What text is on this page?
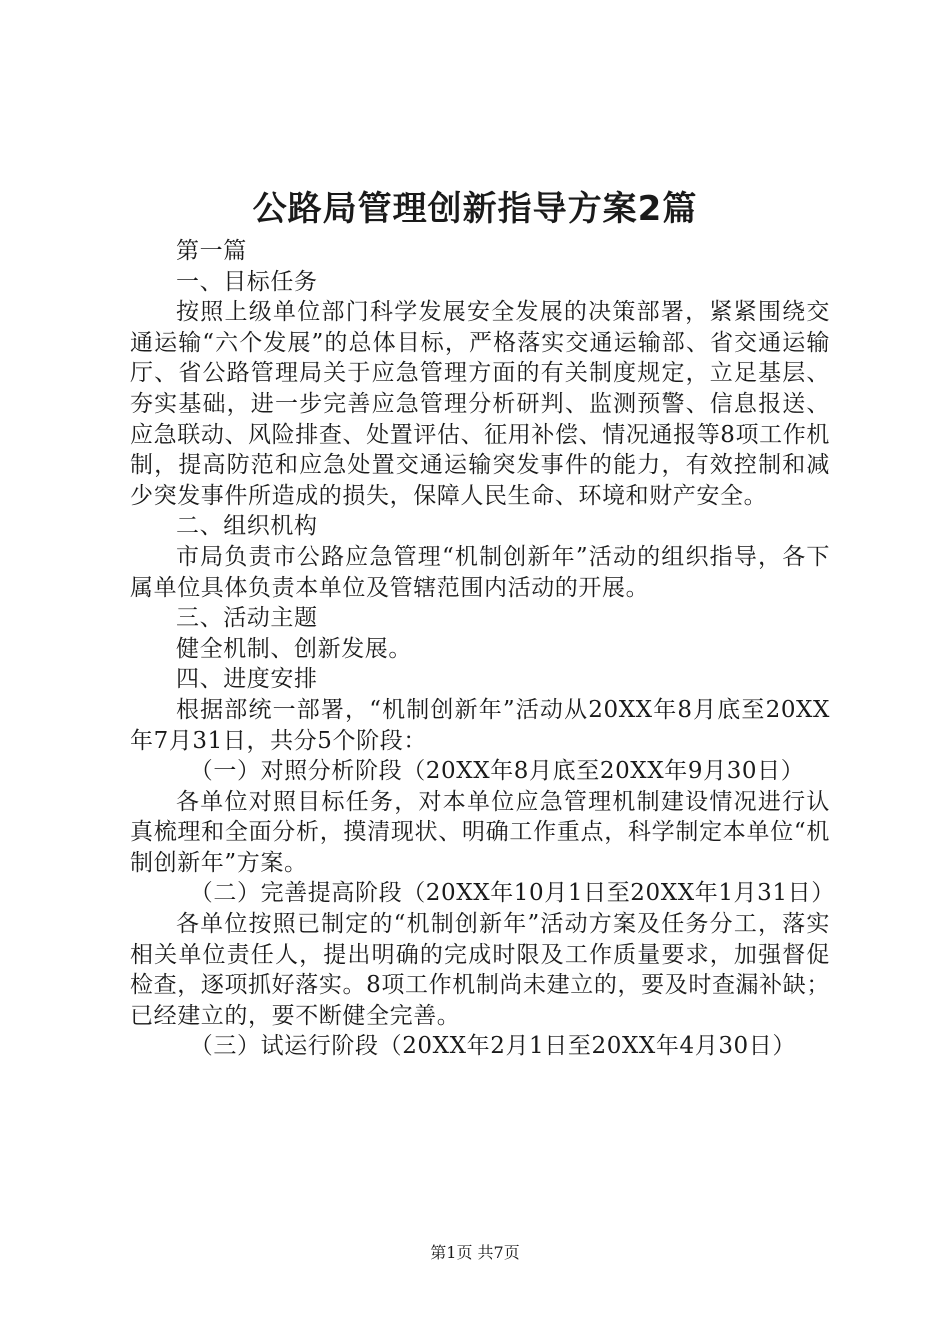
公路局管理创新指导方案2篇

第一篇

一、目标任务

按照上级单位部门科学发展安全发展的决策部署，紧紧围绕交通运输“六个发展”的总体目标，严格落实交通运输部、省交通运输厅、省公路管理局关于应急管理方面的有关制度规定，立足基层、夯实基础，进一步完善应急管理分析研判、监测预警、信息报送、应急联动、风险排查、处置评估、征用补偿、情况通报等8项工作机制，提高防范和应急处置交通运输突发事件的能力，有效控制和减少突发事件所造成的损失，保障人民生命、环境和财产安全。

二、组织机构

市局负责市公路应急管理“机制创新年”活动的组织指导，各下属单位具体负责本单位及管辖范围内活动的开展。

三、活动主题

健全机制、创新发展。

四、进度安排

根据部统一部署，“机制创新年”活动从20XX年8月底至20XX年7月31日，共分5个阶段：

（一）对照分析阶段（20XX年8月底至20XX年9月30日）

各单位对照目标任务，对本单位应急管理机制建设情况进行认真梳理和全面分析，摸清现状、明确工作重点，科学制定本单位“机制创新年”方案。

（二）完善提高阶段（20XX年10月1日至20XX年1月31日）

各单位按照已制定的“机制创新年”活动方案及任务分工，落实相关单位责任人，提出明确的完成时限及工作质量要求，加强督促检查，逐项抓好落实。8项工作机制尚未建立的，要及时查漏补缺；已经建立的，要不断健全完善。

（三）试运行阶段（20XX年2月1日至20XX年4月30日）

第1页 共7页
